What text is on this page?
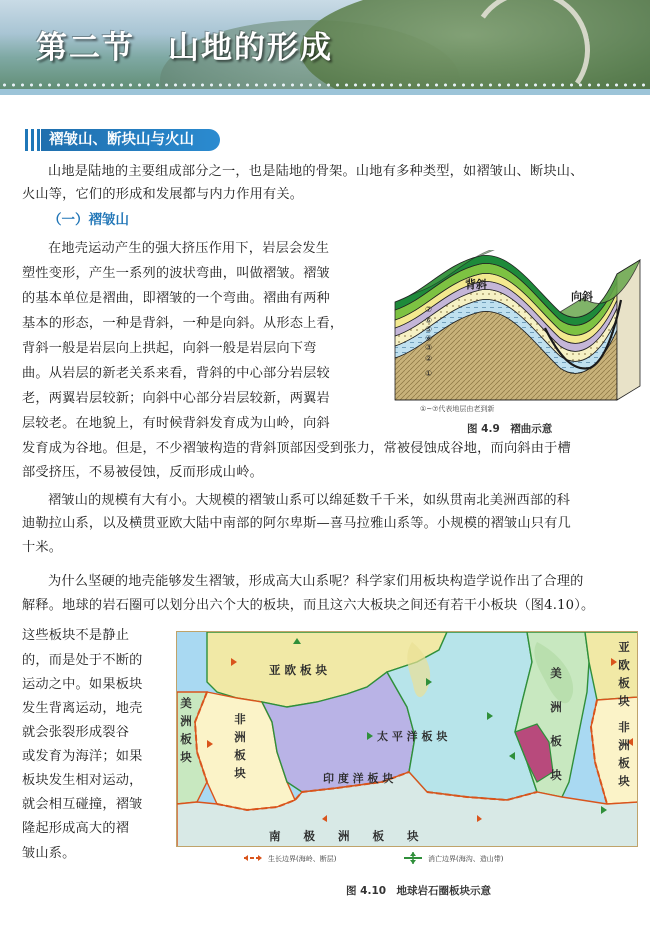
第二节　山地的形成
褶皱山、断块山与火山
山地是陆地的主要组成部分之一，也是陆地的骨架。山地有多种类型，如褶皱山、断块山、
火山等，它们的形成和发展都与内力作用有关。
（一）褶皱山
在地壳运动产生的强大挤压作用下，岩层会发生
塑性变形，产生一系列的波状弯曲，叫做褶皱。褶皱
的基本单位是褶曲，即褶皱的一个弯曲。褶曲有两种
基本的形态，一种是背斜，一种是向斜。从形态上看，
背斜一般是岩层向上拱起，向斜一般是岩层向下弯
曲。从岩层的新老关系来看，背斜的中心部分岩层较
老，两翼岩层较新；向斜中心部分岩层较新，两翼岩
层较老。在地貌上，有时候背斜发育成为山岭，向斜
发育成为谷地。但是，不少褶皱构造的背斜顶部因受到张力，常被侵蚀成谷地，而向斜由于槽
部受挤压，不易被侵蚀，反而形成山岭。
⑦
⑥
⑤
④
③
②
①
背斜
向斜
①~⑦代表地层由老到新
图 4.9　褶曲示意
褶皱山的规模有大有小。大规模的褶皱山系可以绵延数千千米，如纵贯南北美洲西部的科
迪勒拉山系，以及横贯亚欧大陆中南部的阿尔卑斯—喜马拉雅山系等。小规模的褶皱山只有几
十米。
为什么坚硬的地壳能够发生褶皱，形成高大山系呢？科学家们用板块构造学说作出了合理的
解释。地球的岩石圈可以划分出六个大的板块，而且这六大板块之间还有若干小板块（图4.10）。
这些板块不是静止
的，而是处于不断的
运动之中。如果板块
发生背离运动，地壳
就会张裂形成裂谷
或发育为海洋；如果
板块发生相对运动，
就会相互碰撞，褶皱
隆起形成高大的褶
皱山系。
亚 欧 板 块
太 平 洋 板 块
印 度 洋 板 块
南　　极　　洲　　板　　块
非
洲
板
块
美
洲
板
块
美
洲
板
块
亚
欧
板
块
非
洲
板
块
生长边界(海岭、断层)	消亡边界(海沟、造山带)
图 4.10　地球岩石圈板块示意
